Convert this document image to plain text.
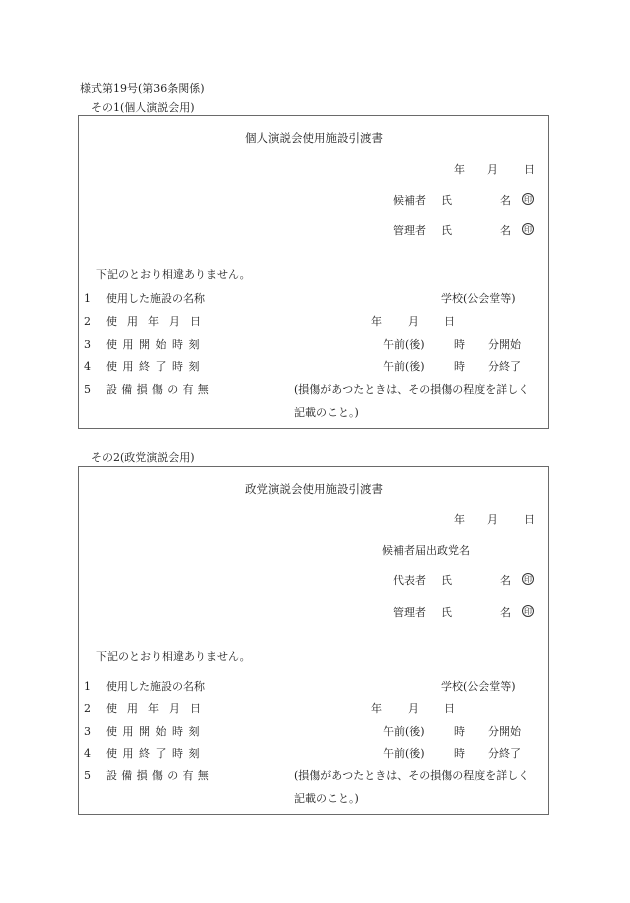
様式第19号(第36条関係)
その1(個人演説会用)
個人演説会使用施設引渡書
年 月 日
候補者 氏	名 印
管理者 氏	名 印
下記のとおり相違ありません。
1 使用した施設の名称	学校(公会堂等)
2 使用年月日	年 月 日
3 使用開始時刻	午前(後)	時 分開始
4 使用終了時刻	午前(後)	時 分終了
5 設備損傷の有無	(損傷があつたときは、その損傷の程度を詳しく
記載のこと。)
その2(政党演説会用)
政党演説会使用施設引渡書
年 月 日
候補者届出政党名
代表者 氏	名 印
管理者 氏	名 印
下記のとおり相違ありません。
1 使用した施設の名称	学校(公会堂等)
2 使用年月日	年 月 日
3 使用開始時刻	午前(後)	時 分開始
4 使用終了時刻	午前(後)	時 分終了
5 設備損傷の有無	(損傷があつたときは、その損傷の程度を詳しく
記載のこと。)
